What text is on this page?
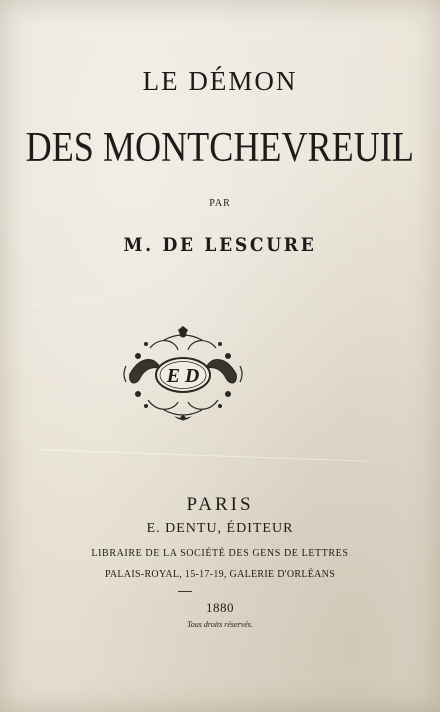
LE DÉMON
DES MONTCHEVREUIL
PAR
M. DE LESCURE
E D
PARIS
E. DENTU, ÉDITEUR
LIBRAIRE DE LA SOCIÉTÉ DES GENS DE LETTRES
PALAIS-ROYAL, 15-17-19, GALERIE D'ORLÉANS
1880
Tous droits réservés.
